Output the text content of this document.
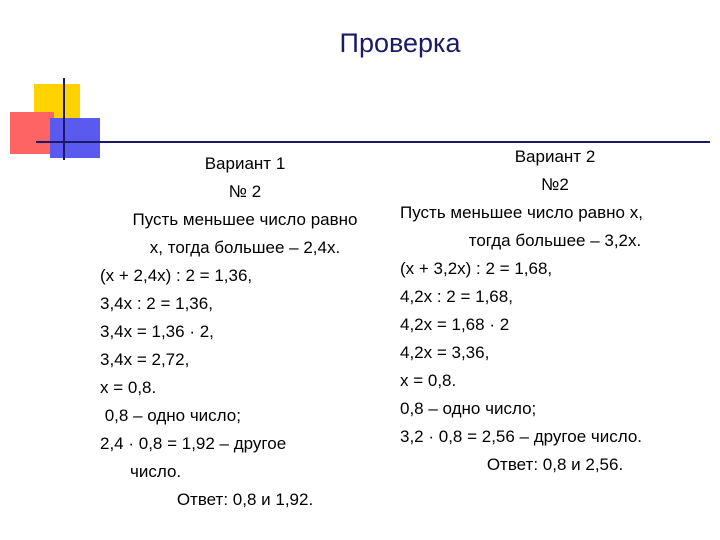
Проверка
Вариант 1
№ 2
Пусть меньшее число равно
х, тогда большее – 2,4х.
(х + 2,4х) : 2 = 1,36,
3,4х : 2 = 1,36,
3,4х = 1,36 · 2,
3,4х = 2,72,
х = 0,8.
0,8 – одно число;
2,4 · 0,8 = 1,92 – другое
число.
Ответ: 0,8 и 1,92.
Вариант 2
№2
Пусть меньшее число равно х,
тогда большее – 3,2х.
(х + 3,2х) : 2 = 1,68,
4,2х : 2 = 1,68,
4,2х = 1,68 · 2
4,2х = 3,36,
х = 0,8.
0,8 – одно число;
3,2 · 0,8 = 2,56 – другое число.
Ответ: 0,8 и 2,56.
